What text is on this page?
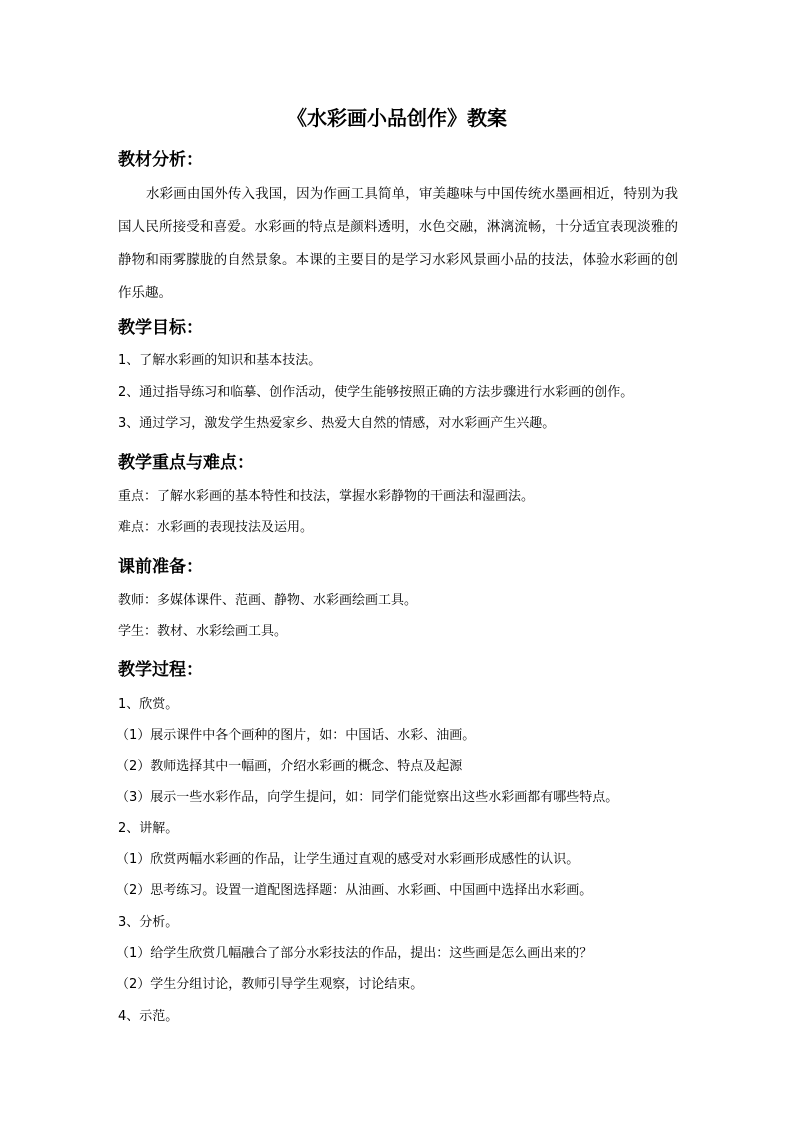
《水彩画小品创作》教案
教材分析：

水彩画由国外传入我国，因为作画工具简单，审美趣味与中国传统水墨画相近，特别为我国人民所接受和喜爱。水彩画的特点是颜料透明，水色交融，淋漓流畅，十分适宜表现淡雅的静物和雨雾朦胧的自然景象。本课的主要目的是学习水彩风景画小品的技法，体验水彩画的创作乐趣。

教学目标：
1、了解水彩画的知识和基本技法。
2、通过指导练习和临摹、创作活动，使学生能够按照正确的方法步骤进行水彩画的创作。
3、通过学习，激发学生热爱家乡、热爱大自然的情感，对水彩画产生兴趣。
教学重点与难点：
重点：了解水彩画的基本特性和技法，掌握水彩静物的干画法和湿画法。
难点：水彩画的表现技法及运用。
课前准备：
教师：多媒体课件、范画、静物、水彩画绘画工具。
学生：教材、水彩绘画工具。
教学过程：
1、欣赏。
（1）展示课件中各个画种的图片，如：中国话、水彩、油画。
（2）教师选择其中一幅画，介绍水彩画的概念、特点及起源
（3）展示一些水彩作品，向学生提问，如：同学们能觉察出这些水彩画都有哪些特点。
2、讲解。
（1）欣赏两幅水彩画的作品，让学生通过直观的感受对水彩画形成感性的认识。
（2）思考练习。设置一道配图选择题：从油画、水彩画、中国画中选择出水彩画。
3、分析。
（1）给学生欣赏几幅融合了部分水彩技法的作品，提出：这些画是怎么画出来的？
（2）学生分组讨论，教师引导学生观察，讨论结束。
4、示范。
